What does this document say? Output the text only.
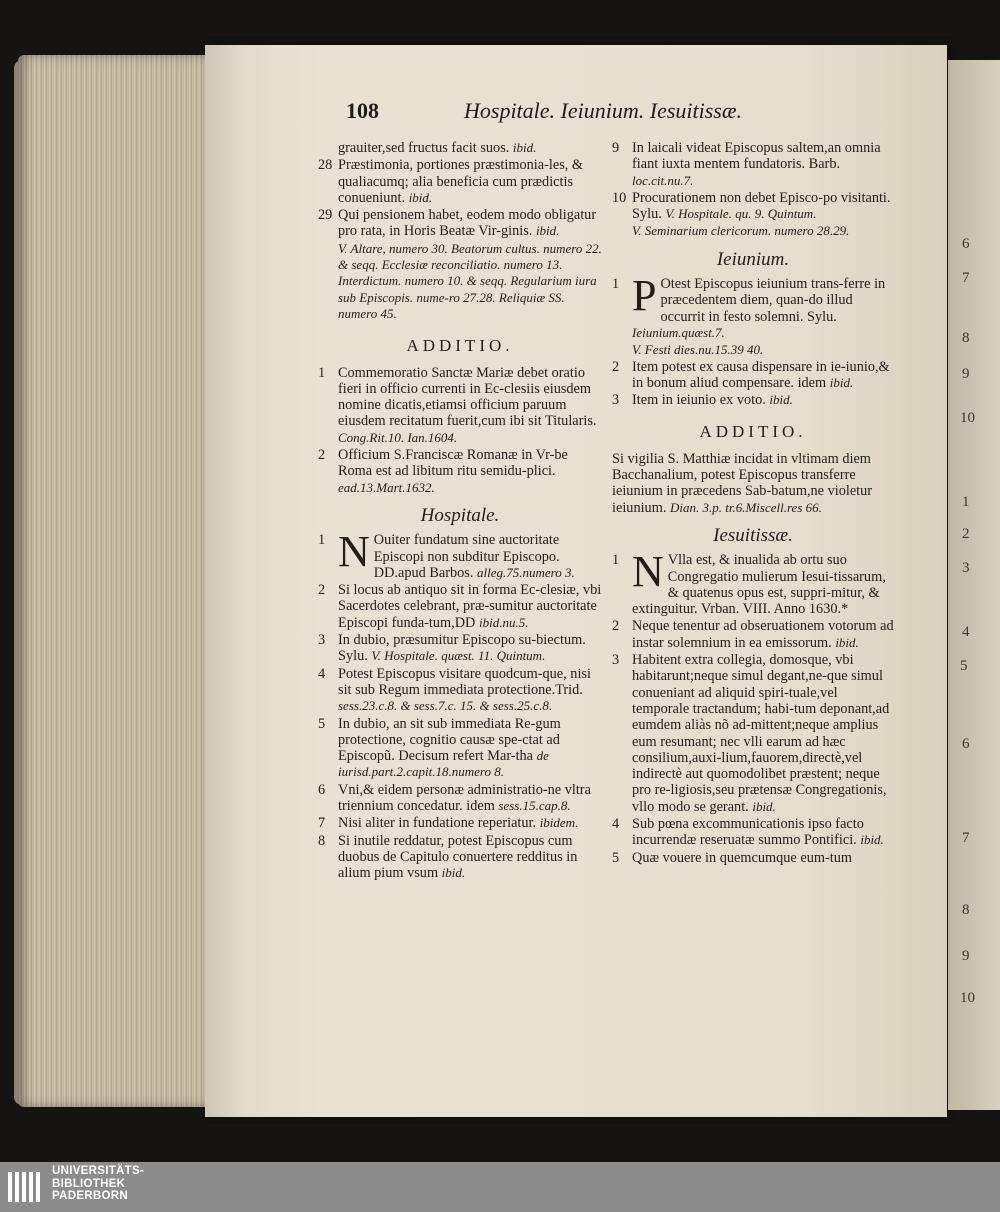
6
7
8
9
10
1
2
3
4
5
6
7
8
9
10
108	Hospitale. Ieiunium. Iesuitissæ.
grauiter,sed fructus facit suos. ibid.
28 Præstimonia, portiones præstimonia-les, & qualiacumq; alia beneficia cum prædictis conueniunt. ibid.
29 Qui pensionem habet, eodem modo obligatur pro rata, in Horis Beatæ Vir-ginis. ibid.
V. Altare, numero 30. Beatorum cultus. numero 22. & seqq. Ecclesiæ reconciliatio. numero 13. Interdictum. numero 10. & seqq. Regularium iura sub Episcopis. nume-ro 27.28. Reliquiæ SS. numero 45.
ADDITIO.
1 Commemoratio Sanctæ Mariæ debet oratio fieri in officio currenti in Ec-clesiis eiusdem nomine dicatis,etiamsi officium paruum eiusdem recitatum fuerit,cum ibi sit Titularis. Cong.Rit.10. Ian.1604.
2 Officium S.Franciscæ Romanæ in Vr-be Roma est ad libitum ritu semidu-plici. ead.13.Mart.1632.
Hospitale.
1 N Ouiter fundatum sine auctoritate Episcopi non subditur Episcopo. DD.apud Barbos. alleg.75.numero 3.
2 Si locus ab antiquo sit in forma Ec-clesiæ, vbi Sacerdotes celebrant, præ-sumitur auctoritate Episcopi funda-tum,DD ibid.nu.5.
3 In dubio, præsumitur Episcopo su-biectum. Sylu. V. Hospitale. quæst. 11. Quintum.
4 Potest Episcopus visitare quodcum-que, nisi sit sub Regum immediata protectione.Trid. sess.23.c.8. & sess.7.c. 15. & sess.25.c.8.
5 In dubio, an sit sub immediata Re-gum protectione, cognitio causæ spe-ctat ad Episcopũ. Decisum refert Mar-tha de iurisd.part.2.capit.18.numero 8.
6 Vni,& eidem personæ administratio-ne vltra triennium concedatur. idem sess.15.cap.8.
7 Nisi aliter in fundatione reperiatur. ibidem.
8 Si inutile reddatur, potest Episcopus cum duobus de Capitulo conuertere redditus in alium pium vsum ibid.
9 In laicali videat Episcopus saltem,an omnia fiant iuxta mentem fundatoris. Barb. loc.cit.nu.7.
10 Procurationem non debet Episco-po visitanti. Sylu. V. Hospitale. qu. 9. Quintum.
V. Seminarium clericorum. numero 28.29.
Ieiunium.
1 P Otest Episcopus ieiunium trans-ferre in præcedentem diem, quan-do illud occurrit in festo solemni. Sylu. Ieiunium.quæst.7.
V. Festi dies.nu.15.39 40.
2 Item potest ex causa dispensare in ie-iunio,& in bonum aliud compensare. idem ibid.
3 Item in ieiunio ex voto. ibid.
ADDITIO.
Si vigilia S. Matthiæ incidat in vltimam diem Bacchanalium, potest Episcopus transferre ieiunium in præcedens Sab-batum,ne violetur ieiunium. Dian. 3.p. tr.6.Miscell.res 66.
Iesuitissæ.
1 N Vlla est, & inualida ab ortu suo Congregatio mulierum Iesui-tissarum, & quatenus opus est, suppri-mitur, & extinguitur. Vrban. VIII. Anno 1630.*
2 Neque tenentur ad obseruationem votorum ad instar solemnium in ea emissorum. ibid.
3 Habitent extra collegia, domosque, vbi habitarunt;neque simul degant,ne-que simul conueniant ad aliquid spiri-tuale,vel temporale tractandum; habi-tum deponant,ad eumdem aliàs nõ ad-mittent;neque amplius eum resumant; nec vlli earum ad hæc consilium,auxi-lium,fauorem,directè,vel indirectè aut quomodolibet præstent; neque pro re-ligiosis,seu prætensæ Congregationis, vllo modo se gerant. ibid.
4 Sub pœna excommunicationis ipso facto incurrendæ reseruatæ summo Pontifici. ibid.
5 Quæ vouere in quemcumque eum-tum
UNIVERSITÄTS-
BIBLIOTHEK
PADERBORN
